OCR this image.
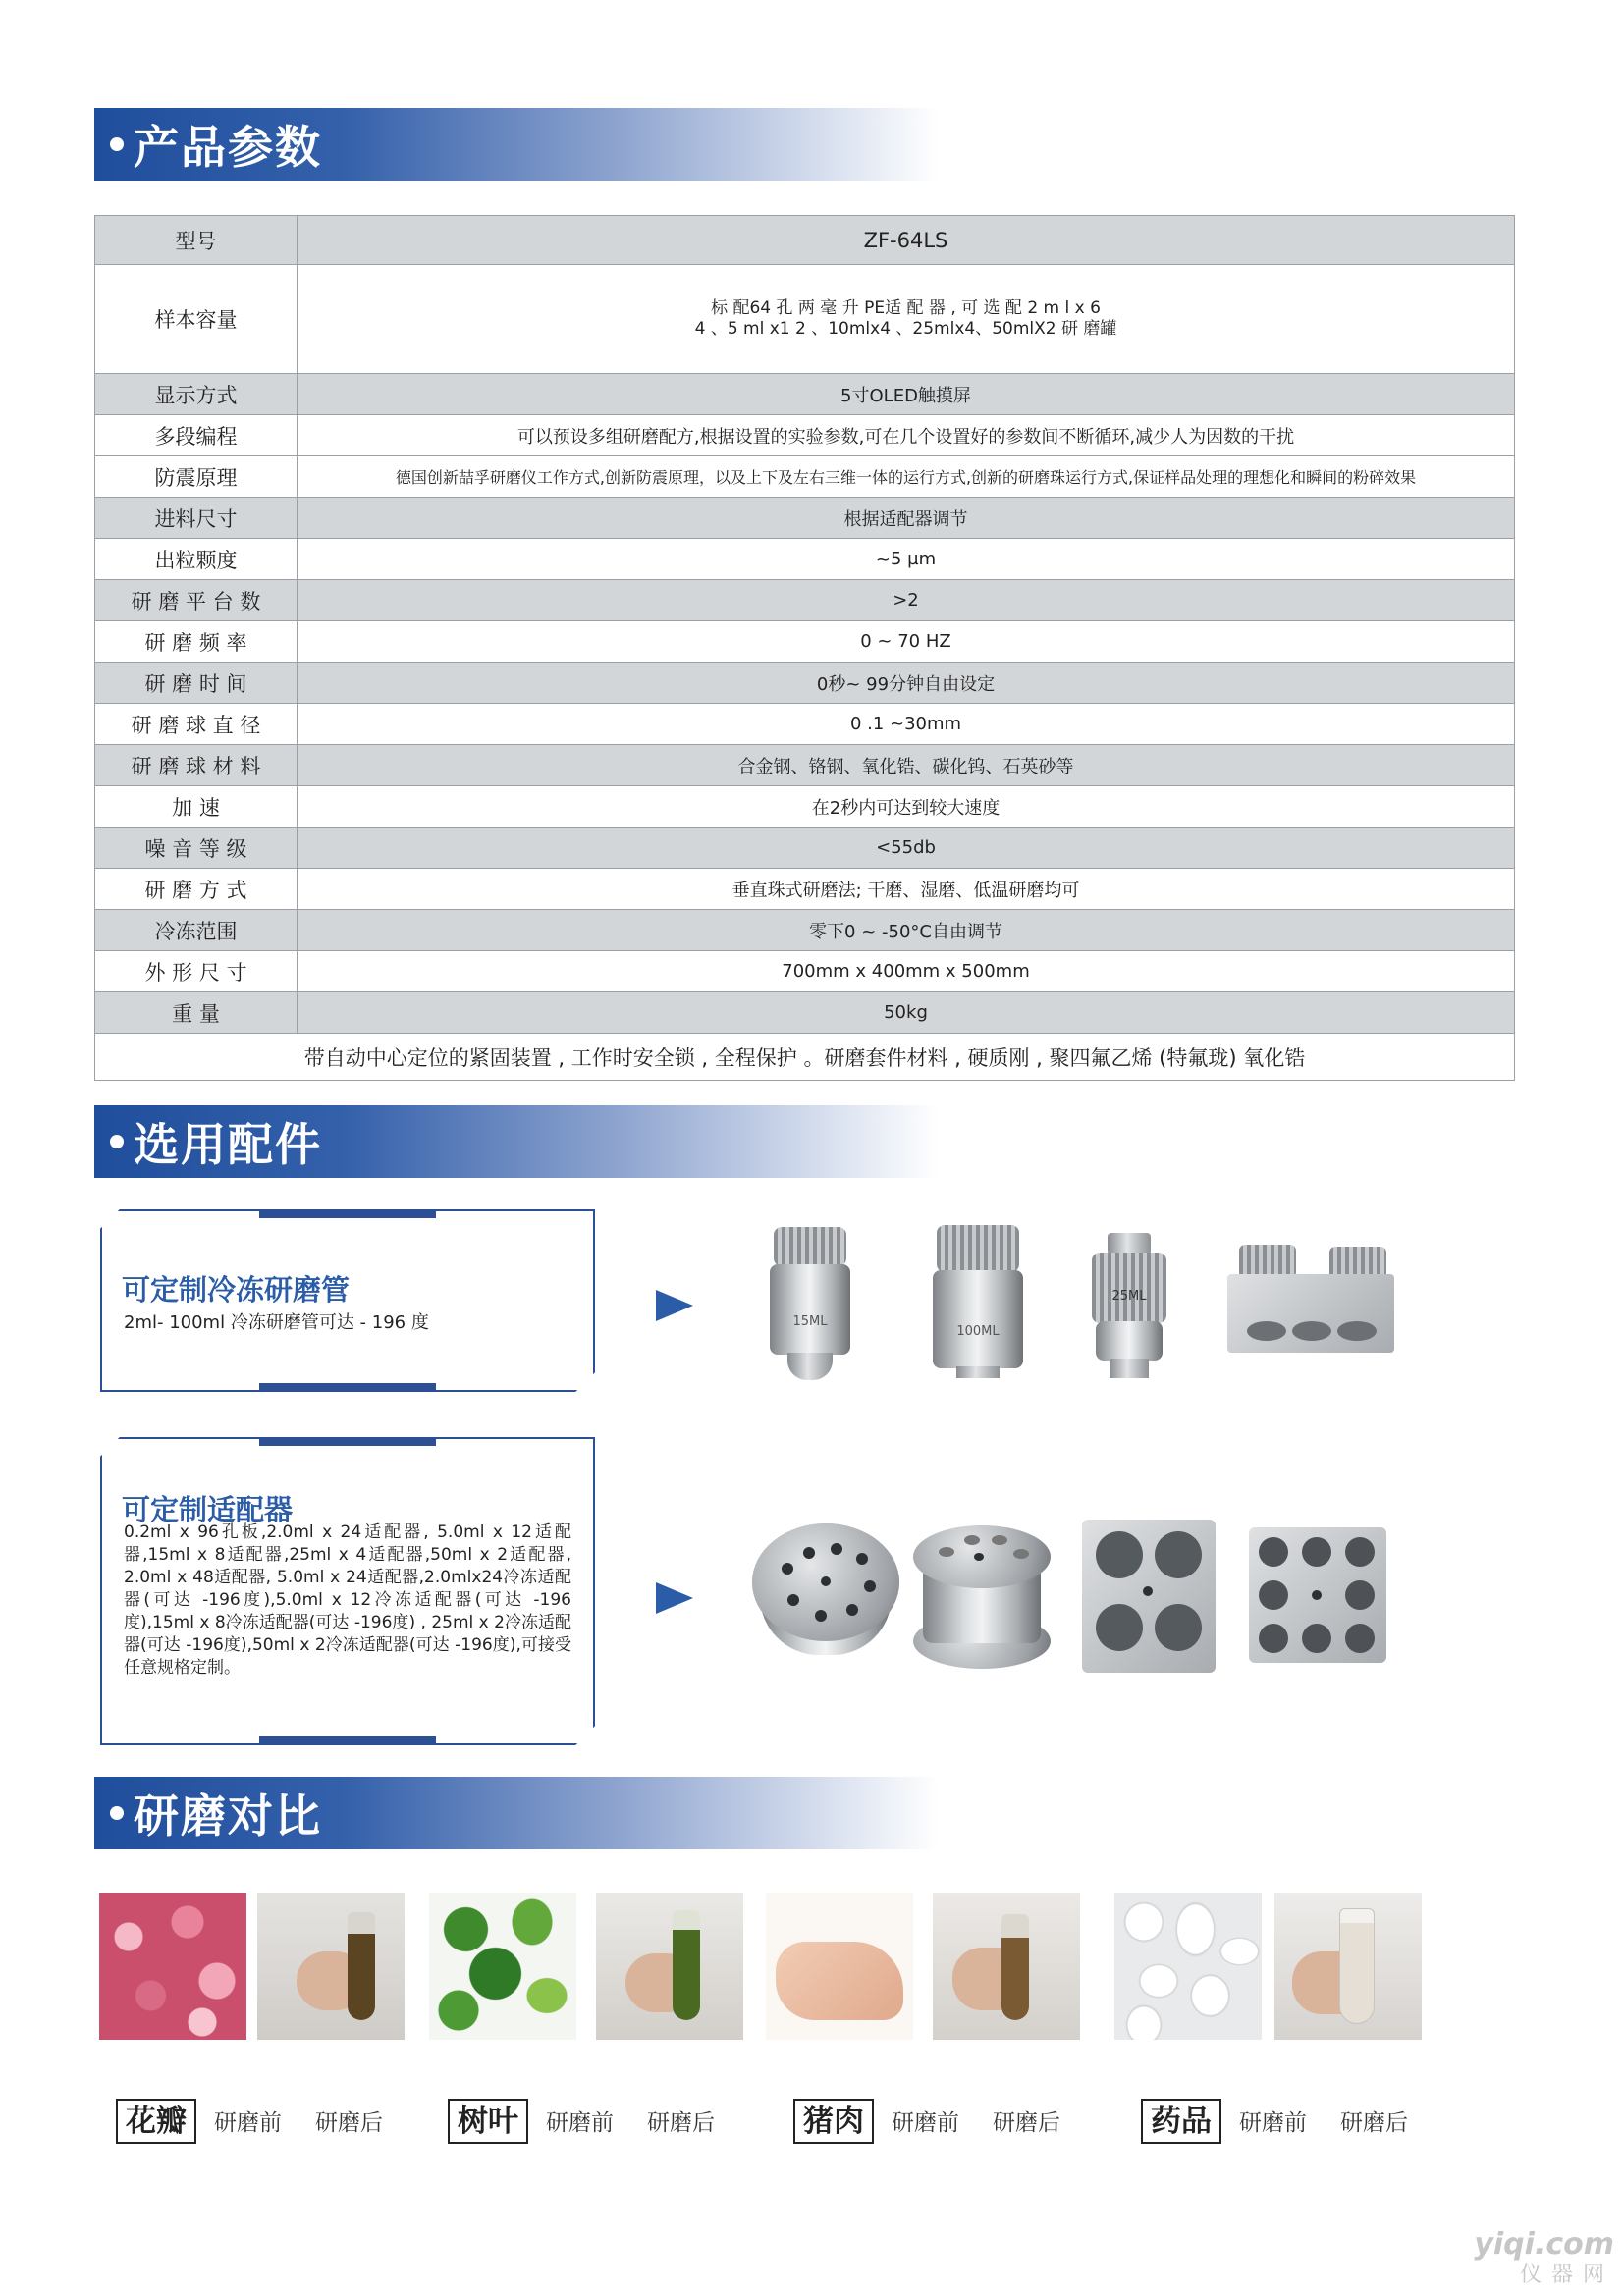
产品参数
型号	ZF-64LS
样本容量	标 配64 孔 两 毫 升 PE适 配 器 , 可 选 配 2 m l x 6
4 、5 ml x1 2 、10mlx4 、25mlx4、50mlX2 研 磨罐

显示方式	5寸OLED触摸屏
多段编程	可以预设多组研磨配方,根据设置的实验参数,可在几个设置好的参数间不断循环,减少人为因数的干扰
防震原理	德国创新喆孚研磨仪工作方式,创新防震原理，以及上下及左右三维一体的运行方式,创新的研磨珠运行方式,保证样品处理的理想化和瞬间的粉碎效果
进料尺寸	根据适配器调节
出粒颗度	~5 µm
研 磨 平 台 数	>2
研 磨 频 率	0 ~ 70 HZ
研 磨 时 间	0秒~ 99分钟自由设定
研 磨 球 直 径	0 .1 ~30mm
研 磨 球 材 料	合金钢、铬钢、氧化锆、碳化钨、石英砂等
加 速	在2秒内可达到较大速度
噪 音 等 级	<55db
研 磨 方 式	垂直珠式研磨法; 干磨、湿磨、低温研磨均可
冷冻范围	零下0 ~ -50°C自由调节
外 形 尺 寸	700mm x 400mm x 500mm
重 量	50kg
带自动中心定位的紧固装置 , 工作时安全锁 , 全程保护 。研磨套件材料 , 硬质刚 , 聚四氟乙烯 (特氟珑) 氧化锆	
选用配件
可定制冷冻研磨管
2ml- 100ml 冷冻研磨管可达 - 196 度	15ML
100ML
25ML
可定制适配器
0.2ml x 96孔板,2.0ml x 24适配器, 5.0ml x 12适配器,15ml x 8适配器,25ml x 4适配器,50ml x 2适配器, 2.0ml x 48适配器, 5.0ml x 24适配器,2.0mlx24冷冻适配器(可达 -196度),5.0ml x 12冷冻适配器(可达 -196度),15ml x 8冷冻适配器(可达 -196度) , 25ml x 2冷冻适配器(可达 -196度),50ml x 2冷冻适配器(可达 -196度),可接受任意规格定制。
研磨对比
花瓣	研磨前 研磨后	树叶	研磨前 研磨后	猪肉	研磨前 研磨后	药品	研磨前 研磨后
yiqi.com
仪器网
